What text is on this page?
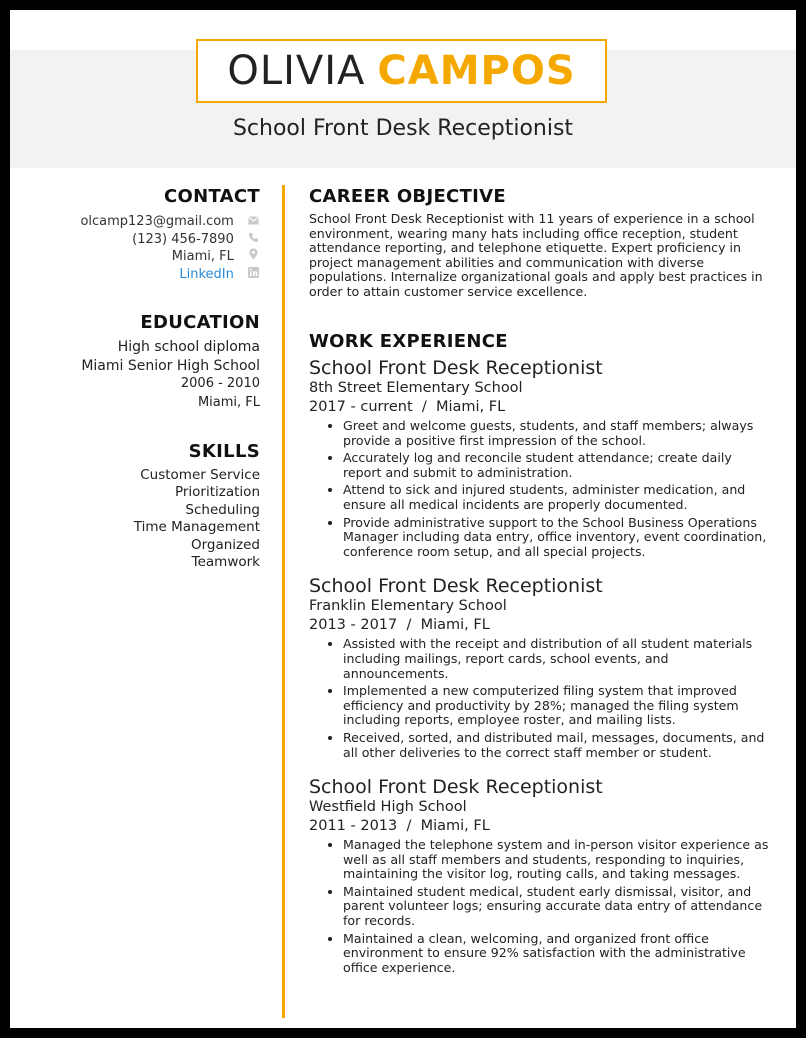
OLIVIA CAMPOS
School Front Desk Receptionist
CONTACT
olcamp123@gmail.com
(123) 456-7890
Miami, FL
LinkedIn
EDUCATION
High school diploma
Miami Senior High School
2006 - 2010
Miami, FL
SKILLS
Customer Service
Prioritization
Scheduling
Time Management
Organized
Teamwork
CAREER OBJECTIVE
School Front Desk Receptionist with 11 years of experience in a school environment, wearing many hats including office reception, student attendance reporting, and telephone etiquette. Expert proficiency in project management abilities and communication with diverse populations. Internalize organizational goals and apply best practices in order to attain customer service excellence.
WORK EXPERIENCE
School Front Desk Receptionist
8th Street Elementary School
2017 - current  /  Miami, FL
• Greet and welcome guests, students, and staff members; always provide a positive first impression of the school.
• Accurately log and reconcile student attendance; create daily report and submit to administration.
• Attend to sick and injured students, administer medication, and ensure all medical incidents are properly documented.
• Provide administrative support to the School Business Operations Manager including data entry, office inventory, event coordination, conference room setup, and all special projects.
School Front Desk Receptionist
Franklin Elementary School
2013 - 2017  /  Miami, FL
• Assisted with the receipt and distribution of all student materials including mailings, report cards, school events, and announcements.
• Implemented a new computerized filing system that improved efficiency and productivity by 28%; managed the filing system including reports, employee roster, and mailing lists.
• Received, sorted, and distributed mail, messages, documents, and all other deliveries to the correct staff member or student.
School Front Desk Receptionist
Westfield High School
2011 - 2013  /  Miami, FL
• Managed the telephone system and in-person visitor experience as well as all staff members and students, responding to inquiries, maintaining the visitor log, routing calls, and taking messages.
• Maintained student medical, student early dismissal, visitor, and parent volunteer logs; ensuring accurate data entry of attendance for records.
• Maintained a clean, welcoming, and organized front office environment to ensure 92% satisfaction with the administrative office experience.
